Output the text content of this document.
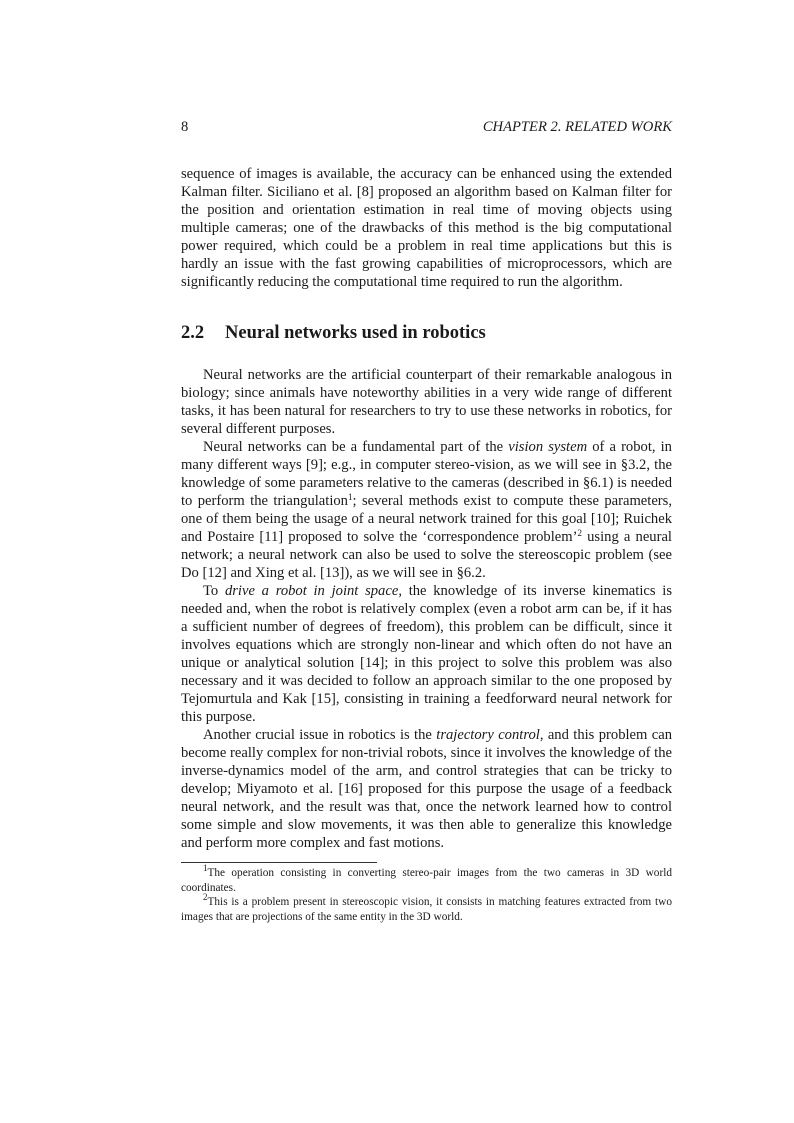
8	CHAPTER 2. RELATED WORK

sequence of images is available, the accuracy can be enhanced using the extended Kalman filter. Siciliano et al. [8] proposed an algorithm based on Kalman filter for the position and orientation estimation in real time of moving objects using multiple cameras; one of the drawbacks of this method is the big computational power required, which could be a problem in real time applications but this is hardly an issue with the fast growing capabilities of microprocessors, which are significantly reducing the computational time required to run the algorithm.

2.2	Neural networks used in robotics

Neural networks are the artificial counterpart of their remarkable analogous in biology; since animals have noteworthy abilities in a very wide range of different tasks, it has been natural for researchers to try to use these networks in robotics, for several different purposes.

Neural networks can be a fundamental part of the vision system of a robot, in many different ways [9]; e.g., in computer stereo-vision, as we will see in §3.2, the knowledge of some parameters relative to the cameras (described in §6.1) is needed to perform the triangulation$^1$; several methods exist to compute these parameters, one of them being the usage of a neural network trained for this goal [10]; Ruichek and Postaire [11] proposed to solve the ‘correspondence problem’$^2$ using a neural network; a neural network can also be used to solve the stereoscopic problem (see Do [12] and Xing et al. [13]), as we will see in §6.2.

To drive a robot in joint space, the knowledge of its inverse kinematics is needed and, when the robot is relatively complex (even a robot arm can be, if it has a sufficient number of degrees of freedom), this problem can be difficult, since it involves equations which are strongly non-linear and which often do not have an unique or analytical solution [14]; in this project to solve this problem was also necessary and it was decided to follow an approach similar to the one proposed by Tejomurtula and Kak [15], consisting in training a feedforward neural network for this purpose.

Another crucial issue in robotics is the trajectory control, and this problem can become really complex for non-trivial robots, since it involves the knowledge of the inverse-dynamics model of the arm, and control strategies that can be tricky to develop; Miyamoto et al. [16] proposed for this purpose the usage of a feedback neural network, and the result was that, once the network learned how to control some simple and slow movements, it was then able to generalize this knowledge and perform more complex and fast motions.

$^1$The operation consisting in converting stereo-pair images from the two cameras in 3D world coordinates.

$^2$This is a problem present in stereoscopic vision, it consists in matching features extracted from two images that are projections of the same entity in the 3D world.
